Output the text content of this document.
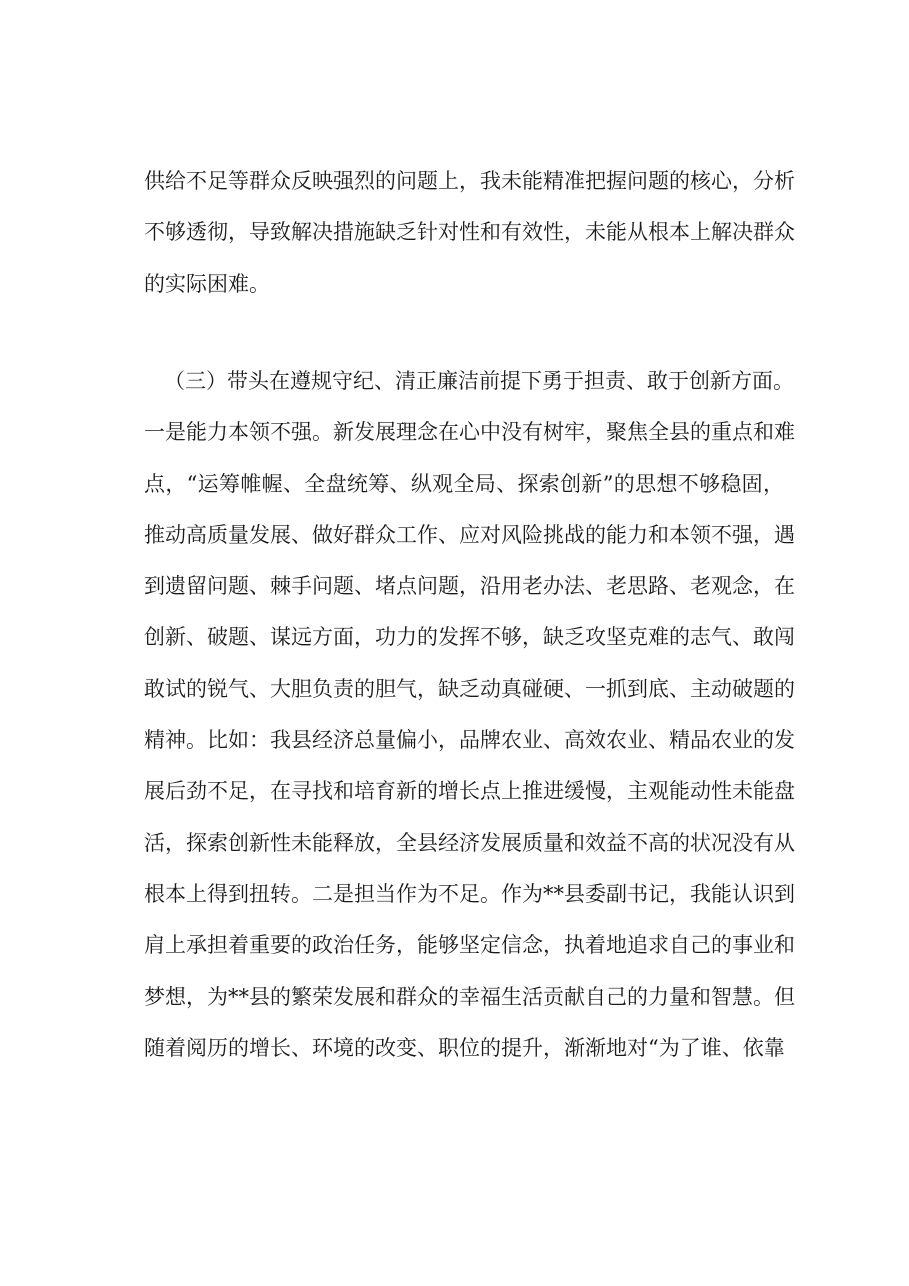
供给不足等群众反映强烈的问题上，我未能精准把握问题的核心，分析
不够透彻，导致解决措施缺乏针对性和有效性，未能从根本上解决群众
的实际困难。
（三）带头在遵规守纪、清正廉洁前提下勇于担责、敢于创新方面。
一是能力本领不强。新发展理念在心中没有树牢，聚焦全县的重点和难
点，“运筹帷幄、全盘统筹、纵观全局、探索创新”的思想不够稳固，
推动高质量发展、做好群众工作、应对风险挑战的能力和本领不强，遇
到遗留问题、棘手问题、堵点问题，沿用老办法、老思路、老观念，在
创新、破题、谋远方面，功力的发挥不够，缺乏攻坚克难的志气、敢闯
敢试的锐气、大胆负责的胆气，缺乏动真碰硬、一抓到底、主动破题的
精神。比如：我县经济总量偏小，品牌农业、高效农业、精品农业的发
展后劲不足，在寻找和培育新的增长点上推进缓慢，主观能动性未能盘
活，探索创新性未能释放，全县经济发展质量和效益不高的状况没有从
根本上得到扭转。二是担当作为不足。作为**县委副书记，我能认识到
肩上承担着重要的政治任务，能够坚定信念，执着地追求自己的事业和
梦想，为**县的繁荣发展和群众的幸福生活贡献自己的力量和智慧。但
随着阅历的增长、环境的改变、职位的提升，渐渐地对“为了谁、依靠
